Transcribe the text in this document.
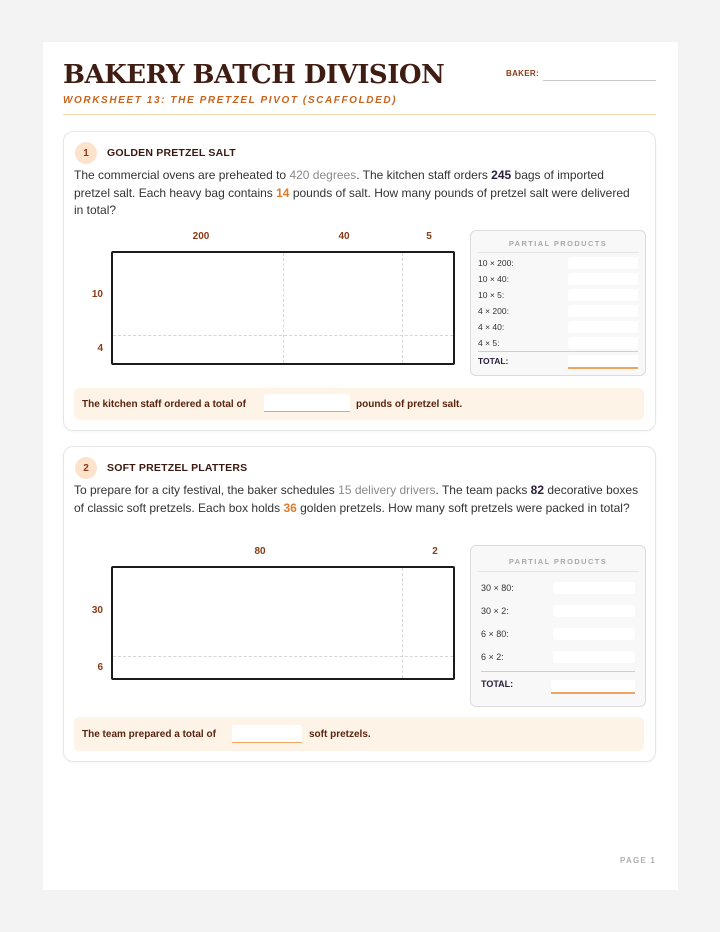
BAKERY BATCH DIVISION
WORKSHEET 13: THE PRETZEL PIVOT (SCAFFOLDED)
BAKER:
1	GOLDEN PRETZEL SALT

The commercial ovens are preheated to 420 degrees. The kitchen staff orders 245 bags of imported pretzel salt. Each heavy bag contains 14 pounds of salt. How many pounds of pretzel salt were delivered in total?

200	40	5
10
4
PARTIAL PRODUCTS
10 × 200:
10 × 40:
10 × 5:
4 × 200:
4 × 40:
4 × 5:
TOTAL:
The kitchen staff ordered a total of	pounds of pretzel salt.
2	SOFT PRETZEL PLATTERS

To prepare for a city festival, the baker schedules 15 delivery drivers. The team packs 82 decorative boxes of classic soft pretzels. Each box holds 36 golden pretzels. How many soft pretzels were packed in total?

80	2
30
6
PARTIAL PRODUCTS
30 × 80:
30 × 2:
6 × 80:
6 × 2:
TOTAL:
The team prepared a total of	soft pretzels.
PAGE 1
